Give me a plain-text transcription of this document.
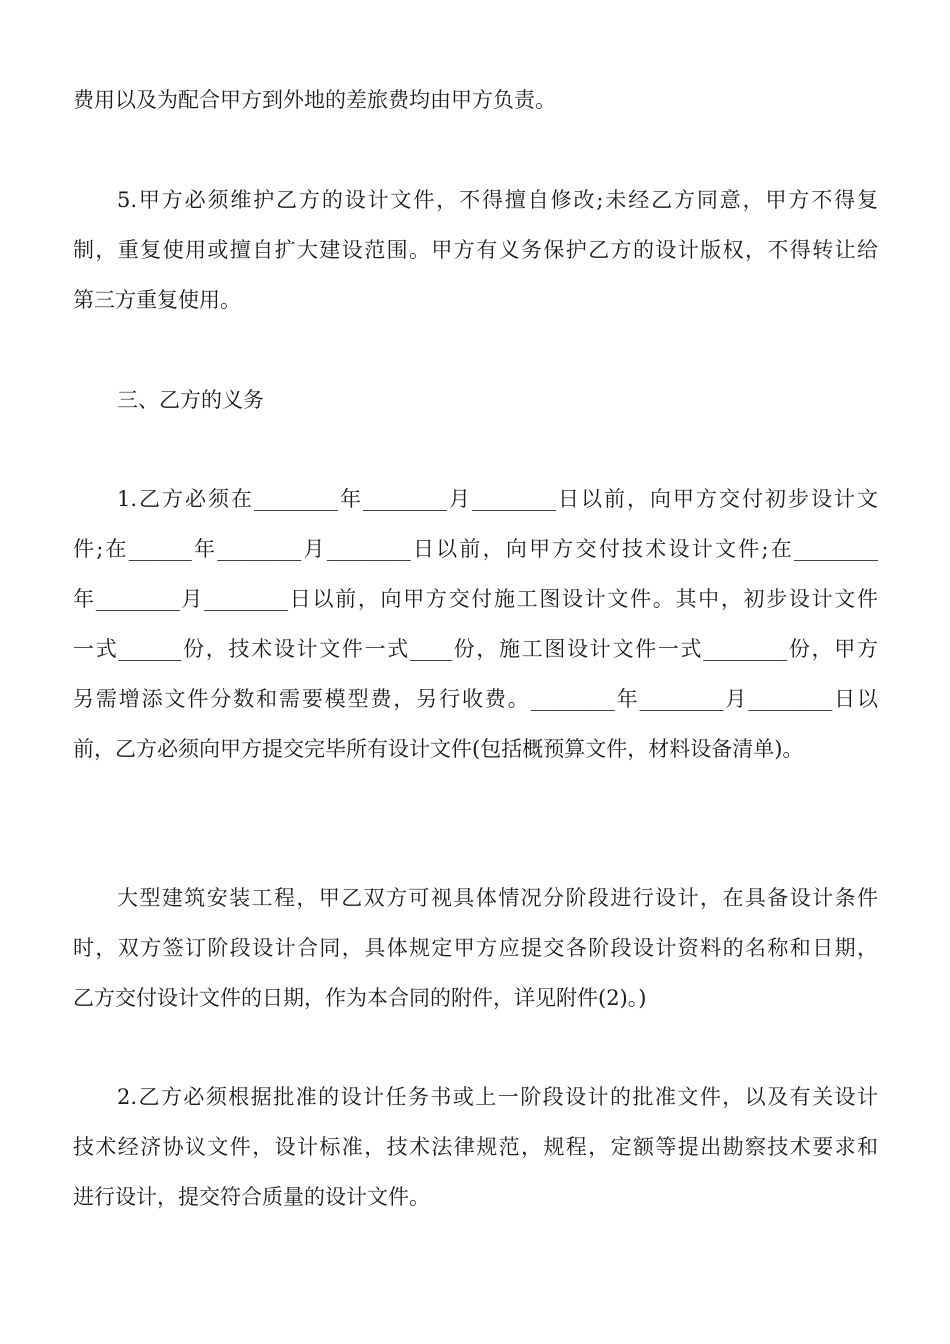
费用以及为配合甲方到外地的差旅费均由甲方负责。
5.甲方必须维护乙方的设计文件，不得擅自修改;未经乙方同意，甲方不得复
制，重复使用或擅自扩大建设范围。甲方有义务保护乙方的设计版权，不得转让给
第三方重复使用。
三、乙方的义务
1.乙方必须在________年________月________日以前，向甲方交付初步设计文
件;在______年________月________日以前，向甲方交付技术设计文件;在________
年________月________日以前，向甲方交付施工图设计文件。其中，初步设计文件
一式______份，技术设计文件一式____份，施工图设计文件一式________份，甲方
另需增添文件分数和需要模型费，另行收费。________年________月________日以
前，乙方必须向甲方提交完毕所有设计文件(包括概预算文件，材料设备清单)。
大型建筑安装工程，甲乙双方可视具体情况分阶段进行设计，在具备设计条件
时，双方签订阶段设计合同，具体规定甲方应提交各阶段设计资料的名称和日期，
乙方交付设计文件的日期，作为本合同的附件，详见附件(2)。)
2.乙方必须根据批准的设计任务书或上一阶段设计的批准文件，以及有关设计
技术经济协议文件，设计标准，技术法律规范，规程，定额等提出勘察技术要求和
进行设计，提交符合质量的设计文件。
